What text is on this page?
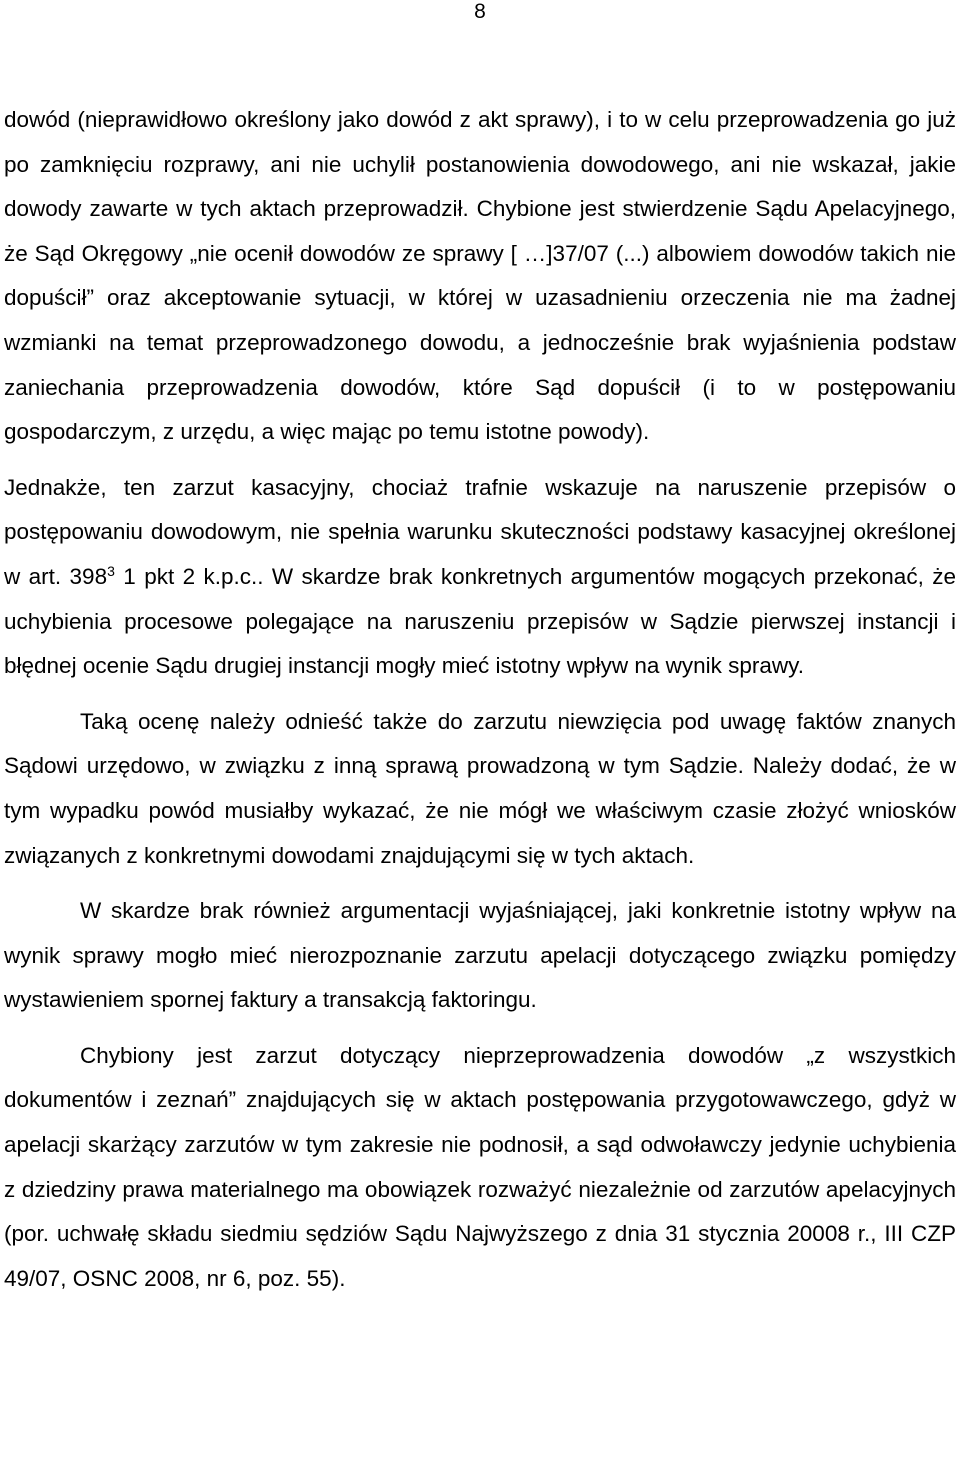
8

dowód (nieprawidłowo określony jako dowód z akt sprawy), i to w celu przeprowadzenia go już po zamknięciu rozprawy, ani nie uchylił postanowienia dowodowego, ani nie wskazał, jakie dowody zawarte w tych aktach przeprowadził. Chybione jest stwierdzenie Sądu Apelacyjnego, że Sąd Okręgowy „nie ocenił dowodów ze sprawy [ …]37/07 (...) albowiem dowodów takich nie dopuścił” oraz akceptowanie sytuacji, w której w uzasadnieniu orzeczenia nie ma żadnej wzmianki na temat przeprowadzonego dowodu, a jednocześnie brak wyjaśnienia podstaw zaniechania przeprowadzenia dowodów, które Sąd dopuścił (i to w postępowaniu gospodarczym, z urzędu, a więc mając po temu istotne powody).

Jednakże, ten zarzut kasacyjny, chociaż trafnie wskazuje na naruszenie przepisów o postępowaniu dowodowym, nie spełnia warunku skuteczności podstawy kasacyjnej określonej w art. $398^3$ 1 pkt 2 k.p.c.. W skardze brak konkretnych argumentów mogących przekonać, że uchybienia procesowe polegające na naruszeniu przepisów w Sądzie pierwszej instancji i błędnej ocenie Sądu drugiej instancji mogły mieć istotny wpływ na wynik sprawy.

Taką ocenę należy odnieść także do zarzutu niewzięcia pod uwagę faktów znanych Sądowi urzędowo, w związku z inną sprawą prowadzoną w tym Sądzie. Należy dodać, że w tym wypadku powód musiałby wykazać, że nie mógł we właściwym czasie złożyć wniosków związanych z konkretnymi dowodami znajdującymi się w tych aktach.

W skardze brak również argumentacji wyjaśniającej, jaki konkretnie istotny wpływ na wynik sprawy mogło mieć nierozpoznanie zarzutu apelacji dotyczącego związku pomiędzy wystawieniem spornej faktury a transakcją faktoringu.

Chybiony jest zarzut dotyczący nieprzeprowadzenia dowodów „z wszystkich dokumentów i zeznań” znajdujących się w aktach postępowania przygotowawczego, gdyż w apelacji skarżący zarzutów w tym zakresie nie podnosił, a sąd odwoławczy jedynie uchybienia z dziedziny prawa materialnego ma obowiązek rozważyć niezależnie od zarzutów apelacyjnych (por. uchwałę składu siedmiu sędziów Sądu Najwyższego z dnia 31 stycznia 20008 r., III CZP 49/07, OSNC 2008, nr 6, poz. 55).
